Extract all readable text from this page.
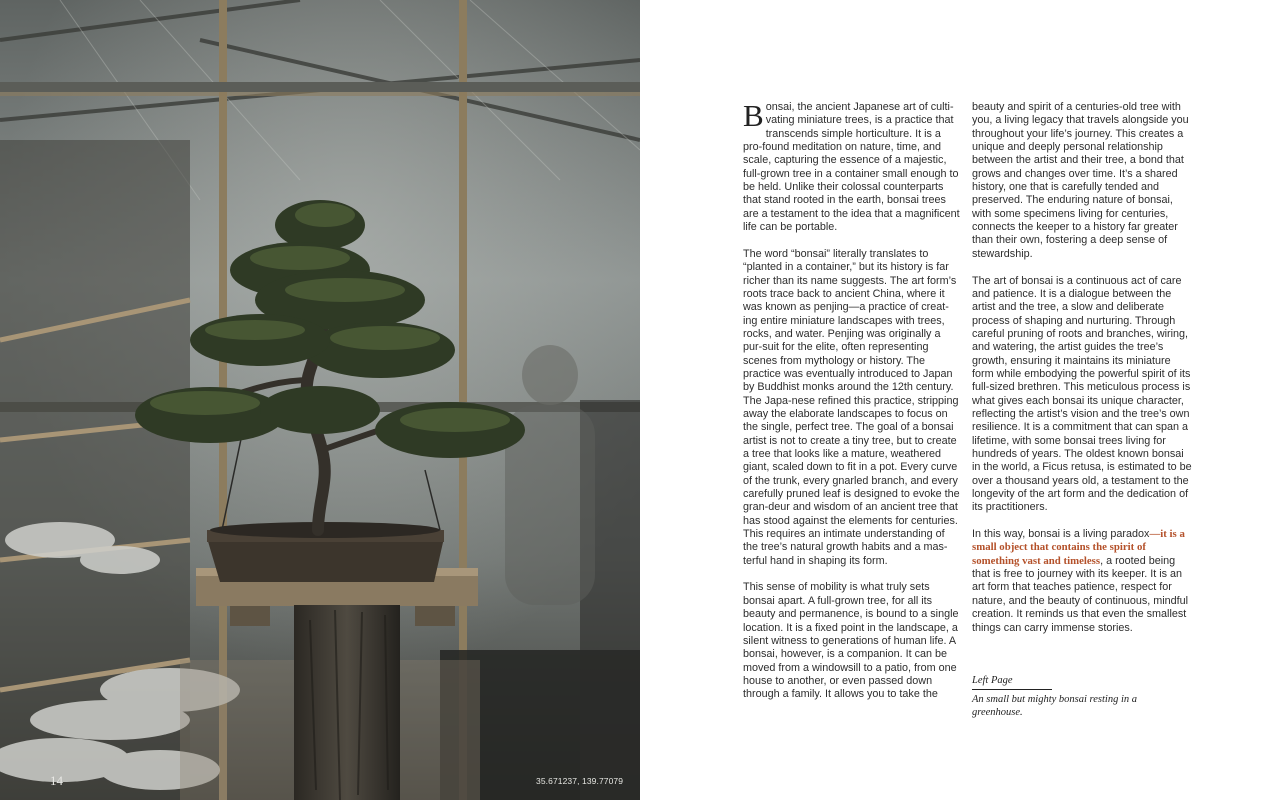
14	35.671237, 139.77079

Bonsai, the ancient Japanese art of culti-vating miniature trees, is a practice that transcends simple horticulture. It is a pro-found meditation on nature, time, and scale, capturing the essence of a majestic, full-grown tree in a container small enough to be held. Unlike their colossal counterparts that stand rooted in the earth, bonsai trees are a testament to the idea that a magnificent life can be portable.

The word “bonsai” literally translates to “planted in a container,” but its history is far richer than its name suggests. The art form’s roots trace back to ancient China, where it was known as penjing—a practice of creat-ing entire miniature landscapes with trees, rocks, and water. Penjing was originally a pur-suit for the elite, often representing scenes from mythology or history. The practice was eventually introduced to Japan by Buddhist monks around the 12th century. The Japa-nese refined this practice, stripping away the elaborate landscapes to focus on the single, perfect tree. The goal of a bonsai artist is not to create a tiny tree, but to create a tree that looks like a mature, weathered giant, scaled down to fit in a pot. Every curve of the trunk, every gnarled branch, and every carefully pruned leaf is designed to evoke the gran-deur and wisdom of an ancient tree that has stood against the elements for centuries. This requires an intimate understanding of the tree’s natural growth habits and a mas-terful hand in shaping its form.

This sense of mobility is what truly sets bonsai apart. A full-grown tree, for all its beauty and permanence, is bound to a single location. It is a fixed point in the landscape, a silent witness to generations of human life. A bonsai, however, is a companion. It can be moved from a windowsill to a patio, from one house to another, or even passed down through a family. It allows you to take the

beauty and spirit of a centuries-old tree with you, a living legacy that travels alongside you throughout your life’s journey. This creates a unique and deeply personal relationship between the artist and their tree, a bond that grows and changes over time. It’s a shared history, one that is carefully tended and preserved. The enduring nature of bonsai, with some specimens living for centuries, connects the keeper to a history far greater than their own, fostering a deep sense of stewardship.

The art of bonsai is a continuous act of care and patience. It is a dialogue between the artist and the tree, a slow and deliberate process of shaping and nurturing. Through careful pruning of roots and branches, wiring, and watering, the artist guides the tree’s growth, ensuring it maintains its miniature form while embodying the powerful spirit of its full-sized brethren. This meticulous process is what gives each bonsai its unique character, reflecting the artist’s vision and the tree’s own resilience. It is a commitment that can span a lifetime, with some bonsai trees living for hundreds of years. The oldest known bonsai in the world, a Ficus retusa, is estimated to be over a thousand years old, a testament to the longevity of the art form and the dedication of its practitioners.

In this way, bonsai is a living paradox—it is a small object that contains the spirit of something vast and timeless, a rooted being that is free to journey with its keeper. It is an art form that teaches patience, respect for nature, and the beauty of continuous, mindful creation. It reminds us that even the smallest things can carry immense stories.

Left Page
An small but mighty bonsai resting in a greenhouse.
